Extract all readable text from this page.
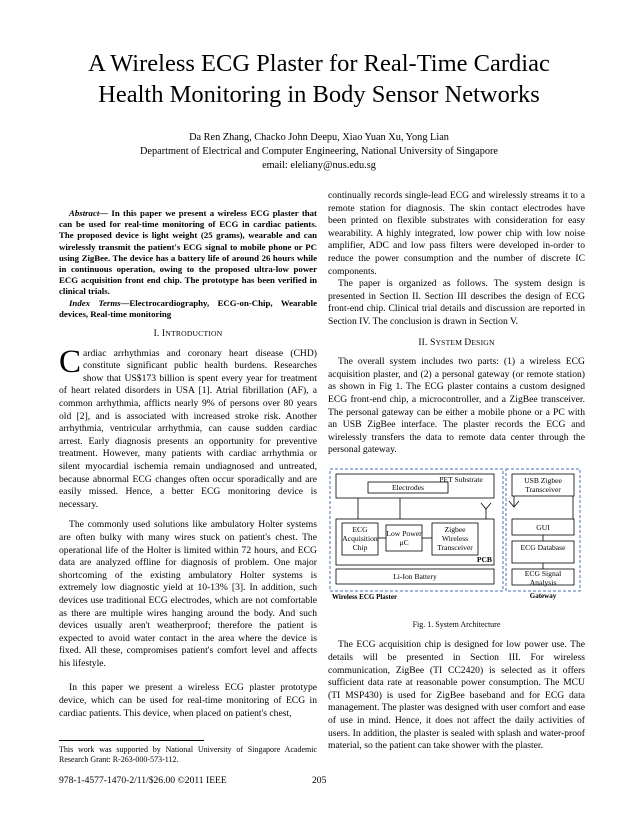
A Wireless ECG Plaster for Real-Time Cardiac
Health Monitoring in Body Sensor Networks
Da Ren Zhang, Chacko John Deepu, Xiao Yuan Xu, Yong Lian
Department of Electrical and Computer Engineering, National University of Singapore
email: eleliany@nus.edu.sg

Abstract— In this paper we present a wireless ECG plaster that can be used for real-time monitoring of ECG in cardiac patients. The proposed device is light weight (25 grams), wearable and can wirelessly transmit the patient's ECG signal to mobile phone or PC using ZigBee. The device has a battery life of around 26 hours while in continuous operation, owing to the proposed ultra-low power ECG acquisition front end chip. The prototype has been verified in clinical trials.

Index Terms—Electrocardiography, ECG-on-Chip, Wearable devices, Real-time monitoring

I. INTRODUCTION

Cardiac arrhythmias and coronary heart disease (CHD) constitute significant public health burdens. Researches show that US$173 billion is spent every year for treatment of heart related disorders in USA [1]. Atrial fibrillation (AF), a common arrhythmia, afflicts nearly 9% of persons over 80 years old [2], and is associated with increased stroke risk. Another arrhythmia, ventricular arrhythmia, can cause sudden cardiac arrest. Early diagnosis presents an opportunity for preventive treatment. However, many patients with cardiac arrhythmia or silent myocardial ischemia remain undiagnosed and untreated, because abnormal ECG changes often occur sporadically and are easily missed. Hence, a better ECG monitoring device is necessary.

The commonly used solutions like ambulatory Holter systems are often bulky with many wires stuck on patient's chest. The operational life of the Holter is limited within 72 hours, and ECG data are analyzed offline for diagnosis of problem. One major shortcoming of the existing ambulatory Holter systems is extremely low diagnostic yield at 10-13% [3]. In addition, such devices use traditional ECG electrodes, which are not comfortable as there are multiple wires hanging around the body. And such devices usually aren't weatherproof; therefore the patient is expected to avoid water contact in the area where the device is fixed. All these, compromises patient's comfort level and affects his lifestyle.

In this paper we present a wireless ECG plaster prototype device, which can be used for real-time monitoring of ECG in cardiac patients. This device, when placed on patient's chest,

This work was supported by National University of Singapore Academic Research Grant: R-263-000-573-112.

continually records single-lead ECG and wirelessly streams it to a remote station for diagnosis. The skin contact electrodes have been printed on flexible substrates with consideration for easy wearability. A highly integrated, low power chip with low noise amplifier, ADC and low pass filters were developed in-order to reduce the power consumption and the number of discrete IC components.

The paper is organized as follows. The system design is presented in Section II. Section III describes the design of ECG front-end chip. Clinical trial details and discussion are reported in Section IV. The conclusion is drawn in Section V.

II. SYSTEM DESIGN

The overall system includes two parts: (1) a wireless ECG acquisition plaster, and (2) a personal gateway (or remote station) as shown in Fig 1. The ECG plaster contains a custom designed ECG front-end chip, a microcontroller, and a ZigBee transceiver. The personal gateway can be either a mobile phone or a PC with an USB ZigBee interface. The plaster records the ECG and wirelessly transfers the data to remote data center through the personal gateway.

PET Substrate
Electrodes
ECG Acquisition Chip
Low Power µC
Zigbee Wireless Transceiver
PCB
Li-Ion Battery
Wireless ECG Plaster
USB Zigbee Transceiver
GUI
ECG Database
ECG Signal Analysis
Gateway
Fig. 1. System Architecture

The ECG acquisition chip is designed for low power use. The details will be presented in Section III. For wireless communication, ZigBee (TI CC2420) is selected as it offers sufficient data rate at reasonable power consumption. The MCU (TI MSP430) is used for ZigBee baseband and for ECG data management. The plaster was designed with user comfort and ease of use in mind. Hence, it does not affect the daily activities of users. In addition, the plaster is sealed with splash and water-proof material, so the patient can take shower with the plaster.

978-1-4577-1470-2/11/$26.00 ©2011 IEEE	205
